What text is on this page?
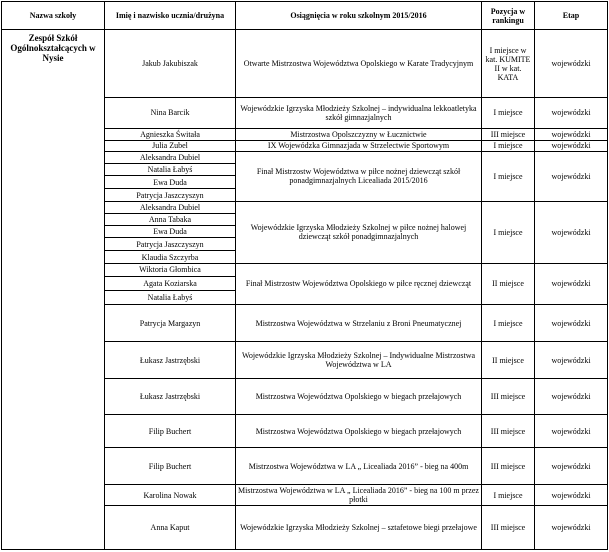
Nazwa szkoły	Imię i nazwisko ucznia/drużyna	Osiągnięcia w roku szkolnym 2015/2016	Pozycja w rankingu	Etap
Zespół Szkół Ogólnokształcących w Nysie	Jakub Jakubiszak	Otwarte Mistrzostwa Województwa Opolskiego w Karate Tradycyjnym	I miejsce w kat. KUMITE II w kat. KATA	wojewódzki
	Nina Barcik	Wojewódzkie Igrzyska Młodzieży Szkolnej – indywidualna lekkoatletyka szkół gimnazjalnych	I miejsce	wojewódzki
	Agnieszka Świtała	Mistrzostwa Opolszczyzny w Łucznictwie	III miejsce	wojewódzki
	Julia Zubel	IX Wojewódzka Gimnazjada w Strzelectwie Sportowym	I miejsce	wojewódzki
	Aleksandra Dubiel	Finał Mistrzostw Województwa w piłce nożnej dziewcząt szkół ponadgimnazjalnych Licealiada 2015/2016	I miejsce	wojewódzki
	Natalia Łabyś			
	Ewa Duda			
	Patrycja Jaszczyszyn			
	Aleksandra Dubiel	Wojewódzkie Igrzyska Młodzieży Szkolnej w piłce nożnej halowej dziewcząt szkół ponadgimnazjalnych	I miejsce	wojewódzki
	Anna Tabaka			
	Ewa Duda			
	Patrycja Jaszczyszyn			
	Klaudia Szczyrba			
	Wiktoria Głombica	Finał Mistrzostw Województwa Opolskiego w piłce ręcznej dziewcząt	II miejsce	wojewódzki
	Agata Koziarska			
	Natalia Łabyś			
	Patrycja Margazyn	Mistrzostwa Województwa w Strzelaniu z Broni Pneumatycznej	I miejsce	wojewódzki
	Łukasz Jastrzębski	Wojewódzkie Igrzyska Młodzieży Szkolnej – Indywidualne Mistrzostwa Województwa w LA	II miejsce	wojewódzki
	Łukasz Jastrzębski	Mistrzostwa Województwa Opolskiego w biegach przełajowych	III miejsce	wojewódzki
	Filip Buchert	Mistrzostwa Województwa Opolskiego w biegach przełajowych	III miejsce	wojewódzki
	Filip Buchert	Mistrzostwa Województwa w LA „ Licealiada 2016” - bieg na 400m	III miejsce	wojewódzki
	Karolina Nowak	Mistrzostwa Województwa w LA „ Licealiada 2016” - bieg na 100 m przez płotki	I miejsce	wojewódzki
	Anna Kaput	Wojewódzkie Igrzyska Młodzieży Szkolnej – sztafetowe biegi przełajowe	III miejsce	wojewódzki
